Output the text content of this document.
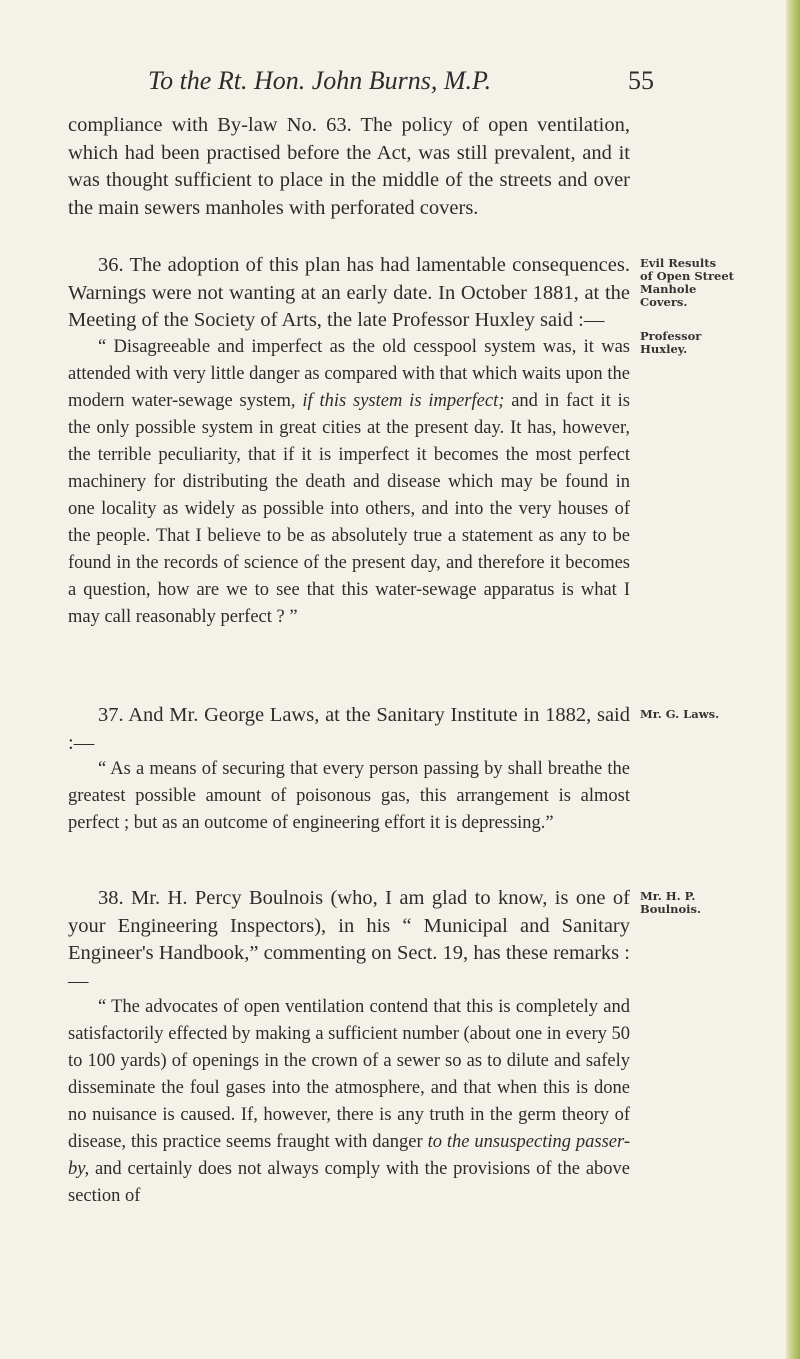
To the Rt. Hon. John Burns, M.P.	55

compliance with By-law No. 63. The policy of open ventilation, which had been practised before the Act, was still prevalent, and it was thought sufficient to place in the middle of the streets and over the main sewers manholes with perforated covers.

36. The adoption of this plan has had lamentable consequences. Warnings were not wanting at an early date. In October 1881, at the Meeting of the Society of Arts, the late Professor Huxley said :—

“ Disagreeable and imperfect as the old cesspool system was, it was attended with very little danger as compared with that which waits upon the modern water-sewage system, if this system is imperfect; and in fact it is the only possible system in great cities at the present day. It has, however, the terrible peculiarity, that if it is imperfect it becomes the most perfect machinery for distributing the death and disease which may be found in one locality as widely as possible into others, and into the very houses of the people. That I believe to be as absolutely true a statement as any to be found in the records of science of the present day, and therefore it becomes a question, how are we to see that this water-sewage apparatus is what I may call reasonably perfect ? ”

37. And Mr. George Laws, at the Sanitary Institute in 1882, said :—

“ As a means of securing that every person passing by shall breathe the greatest possible amount of poisonous gas, this arrangement is almost perfect ; but as an outcome of engineering effort it is depressing.”

38. Mr. H. Percy Boulnois (who, I am glad to know, is one of your Engineering Inspectors), in his “ Municipal and Sanitary Engineer's Handbook,” commenting on Sect. 19, has these remarks :—

“ The advocates of open ventilation contend that this is completely and satisfactorily effected by making a sufficient number (about one in every 50 to 100 yards) of openings in the crown of a sewer so as to dilute and safely disseminate the foul gases into the atmosphere, and that when this is done no nuisance is caused. If, however, there is any truth in the germ theory of disease, this practice seems fraught with danger to the unsuspecting passer-by, and certainly does not always comply with the provisions of the above section of

Evil Results
of Open Street
Manhole
Covers.
Professor
Huxley.
Mr. G. Laws.
Mr. H. P.
Boulnois.
